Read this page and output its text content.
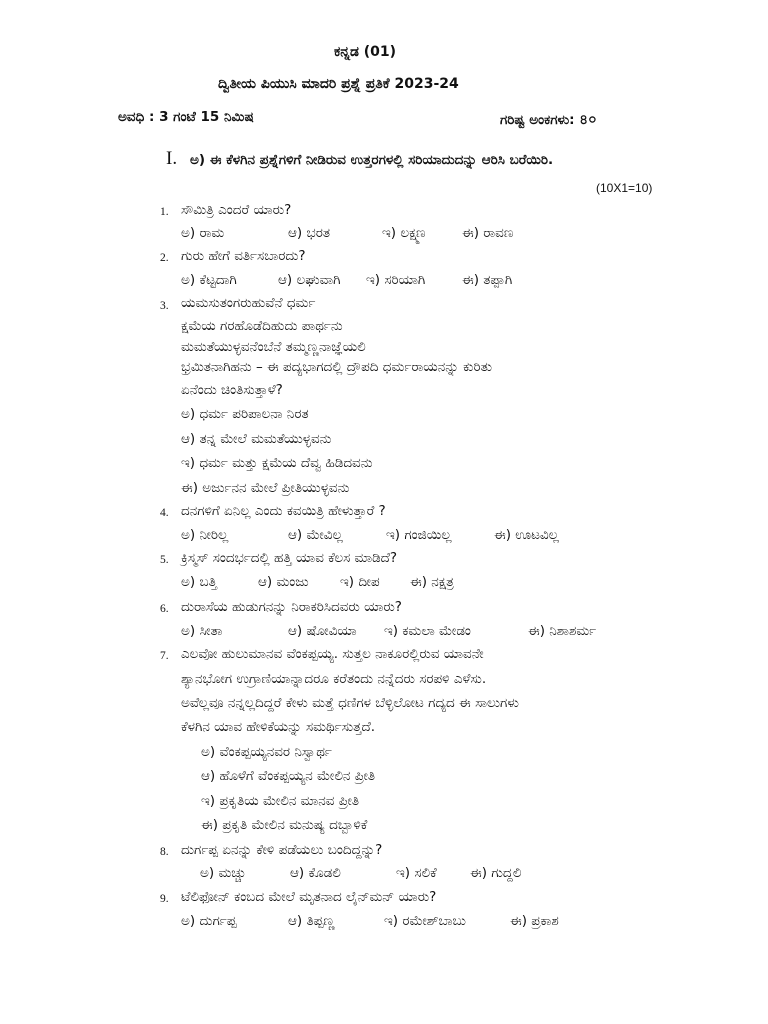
ಕನ್ನಡ (01)
ದ್ವಿತೀಯ ಪಿಯುಸಿ ಮಾದರಿ ಪ್ರಶ್ನೆ ಪ್ರತಿಕೆ 2023-24
ಅವಧಿ : 3 ಗಂಟೆ 15 ನಿಮಿಷ	ಗರಿಷ್ಟ ಅಂಕಗಳು: ৪০
I. ಅ) ಈ ಕೆಳಗಿನ ಪ್ರಶ್ನೆಗಳಿಗೆ ನೀಡಿರುವ ಉತ್ತರಗಳಲ್ಲಿ ಸರಿಯಾದುದನ್ನು ಆರಿಸಿ ಬರೆಯಿರಿ.
(10X1=10)
1. ಸೌಮಿತ್ರಿ ಎಂದರೆ ಯಾರು?
ಅ) ರಾಮ	ಆ) ಭರತ	ಇ) ಲಕ್ಷ್ಮಣ	ಈ) ರಾವಣ
2. ಗುರು ಹೇಗೆ ವರ್ತಿಸಬಾರದು?
ಅ) ಕೆಟ್ಟದಾಗಿ	ಆ) ಲಘುವಾಗಿ ಇ) ಸರಿಯಾಗಿ	ಈ) ತಪ್ಪಾಗಿ
3. ಯಮಸುತಂಗರುಹುವೆನೆ ಧರ್ಮ
ಕ್ಷಮೆಯ ಗರಹೊಡೆದಿಹುದು ಪಾರ್ಥನು
ಮಮತೆಯುಳ್ಳವನೆಂಬೆನೆ ತಮ್ಮಣ್ಣನಾಜ್ಞೆಯಲಿ
ಭ್ರಮಿತನಾಗಿಹನು – ಈ ಪದ್ಯಭಾಗದಲ್ಲಿ ದ್ರೌಪದಿ ಧರ್ಮರಾಯನನ್ನು ಕುರಿತು
ಏನೆಂದು ಚಿಂತಿಸುತ್ತಾಳೆ?
ಅ) ಧರ್ಮ ಪರಿಪಾಲನಾ ನಿರತ
ಆ) ತನ್ನ ಮೇಲೆ ಮಮತೆಯುಳ್ಳವನು
ಇ) ಧರ್ಮ ಮತ್ತು ಕ್ಷಮೆಯ ದೆವ್ವ ಹಿಡಿದವನು
ಈ) ಅರ್ಜುನನ ಮೇಲೆ ಪ್ರೀತಿಯುಳ್ಳವನು
4. ದನಗಳಿಗೆ ಏನಿಲ್ಲ ಎಂದು ಕವಯಿತ್ರಿ ಹೇಳುತ್ತಾರೆ ?
ಅ) ನೀರಿಲ್ಲ	ಆ) ಮೇವಿಲ್ಲ	ಇ) ಗಂಜಿಯಿಲ್ಲ	ಈ) ಊಟವಿಲ್ಲ
5. ಕ್ರಿಸ್ಮಸ್ ಸಂದರ್ಭದಲ್ಲಿ ಹತ್ತಿ ಯಾವ ಕೆಲಸ ಮಾಡಿದೆ?
ಅ) ಬತ್ತಿ	ಆ) ಮಂಜು ಇ) ದೀಪ ಈ) ನಕ್ಷತ್ರ
6. ದುರಾಸೆಯ ಹುಡುಗನನ್ನು ನಿರಾಕರಿಸಿದವರು ಯಾರು?
ಅ) ಸೀತಾ	ಆ) ಷೋವಿಯಾ ಇ) ಕಮಲಾ ಮೇಡಂ	ಈ) ನಿಶಾಶರ್ಮ
7. ಎಲವೋ ಹುಲುಮಾನವ ವೆಂಕಪ್ಪಯ್ಯ. ಸುತ್ತಲ ನಾಕೂರಲ್ಲಿರುವ ಯಾವನೇ
ಶ್ಯಾನಭೋಗ ಉಗ್ರಾಣಿಯಾನ್ನಾದರೂ ಕರೆತಂದು ನನ್ನೆದರು ಸರಪಳಿ ಎಳೆಸು.
ಅವೆಲ್ಲವೂ ನನ್ನಲ್ಲದಿದ್ದರೆ ಕೇಳು ಮತ್ತೆ ಧಣಿಗಳ ಬೆಳ್ಳಿಲೋಟ ಗದ್ಯದ ಈ ಸಾಲುಗಳು
ಕೆಳಗಿನ ಯಾವ ಹೇಳಿಕೆಯನ್ನು ಸಮರ್ಥಿಸುತ್ತದೆ.
ಅ) ವೆಂಕಪ್ಪಯ್ಯನವರ ನಿಸ್ವಾರ್ಥ
ಆ) ಹೊಳೆಗೆ ವೆಂಕಪ್ಪಯ್ಯನ ಮೇಲಿನ ಪ್ರೀತಿ
ಇ) ಪ್ರಕೃತಿಯ ಮೇಲಿನ ಮಾನವ ಪ್ರೀತಿ
ಈ) ಪ್ರಕೃತಿ ಮೇಲಿನ ಮನುಷ್ಯ ದಬ್ಬಾಳಿಕೆ
8. ದುರ್ಗಪ್ಪ ಏನನ್ನು ಕೇಳಿ ಪಡೆಯಲು ಬಂದಿದ್ದನ್ನು?
ಅ) ಮಚ್ಚು	ಆ) ಕೊಡಲಿ	ಇ) ಸಲಿಕೆ ಈ) ಗುದ್ದಲಿ
9. ಟೆಲಿಫೋನ್ ಕಂಬದ ಮೇಲೆ ಮೃತನಾದ ಲೈನ್‌ಮನ್ ಯಾರು?
ಅ) ದುರ್ಗಪ್ಪ	ಆ) ತಿಪ್ಪಣ್ಣ	ಇ) ರಮೇಶ್‌ಬಾಬು	ಈ) ಪ್ರಕಾಶ
